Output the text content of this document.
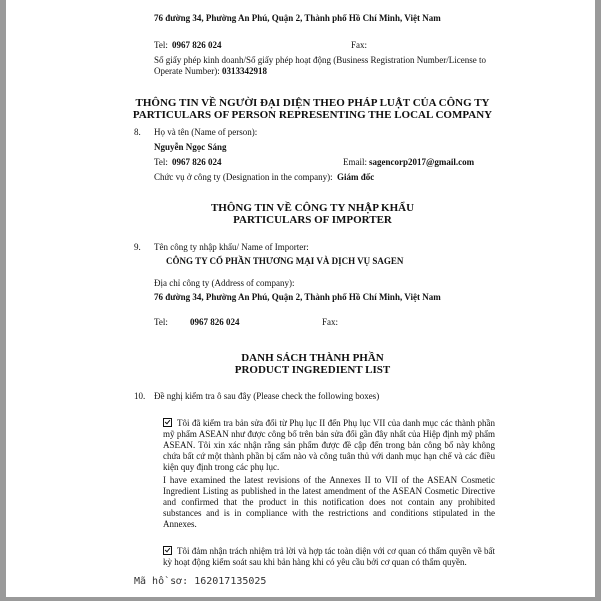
76 đường 34, Phường An Phú, Quận 2, Thành phố Hồ Chí Minh, Việt Nam
Tel: 0967 826 024	Fax:
Số giấy phép kinh doanh/Số giấy phép hoạt động (Business Registration Number/License to
Operate Number): 0313342918
THÔNG TIN VỀ NGƯỜI ĐẠI DIỆN THEO PHÁP LUẬT CỦA CÔNG TY
PARTICULARS OF PERSON REPRESENTING THE LOCAL COMPANY
8. Họ và tên (Name of person):
Nguyễn Ngọc Sáng
Tel: 0967 826 024	Email: sagencorp2017@gmail.com
Chức vụ ở công ty (Designation in the company): Giám đốc
THÔNG TIN VỀ CÔNG TY NHẬP KHẨU
PARTICULARS OF IMPORTER
9. Tên công ty nhập khẩu/ Name of Importer:
CÔNG TY CỔ PHẦN THƯƠNG MẠI VÀ DỊCH VỤ SAGEN
Địa chỉ công ty (Address of company):
76 đường 34, Phường An Phú, Quận 2, Thành phố Hồ Chí Minh, Việt Nam
Tel: 0967 826 024	Fax:
DANH SÁCH THÀNH PHẦN
PRODUCT INGREDIENT LIST
10. Đề nghị kiểm tra ô sau đây (Please check the following boxes)
Tôi đã kiểm tra bản sửa đổi từ Phụ lục II đến Phụ lục VII của danh mục các thành phần mỹ phẩm ASEAN như được công bố trên bản sửa đổi gần đây nhất của Hiệp định mỹ phẩm ASEAN. Tôi xin xác nhận rằng sản phẩm được đề cập đến trong bản công bố này không chứa bất cứ một thành phần bị cấm nào và công tuân thủ với danh mục hạn chế và các điều kiện quy định trong các phụ lục.
I have examined the latest revisions of the Annexes II to VII of the ASEAN Cosmetic Ingredient Listing as published in the latest amendment of the ASEAN Cosmetic Directive and confirmed that the product in this notification does not contain any prohibited substances and is in compliance with the restrictions and conditions stipulated in the Annexes.
Tôi đảm nhận trách nhiệm trả lời và hợp tác toàn diện với cơ quan có thẩm quyền về bất kỳ hoạt động kiểm soát sau khi bản hàng khi có yêu cầu bởi cơ quan có thẩm quyền.
Mã hồ sơ: 162017135025
